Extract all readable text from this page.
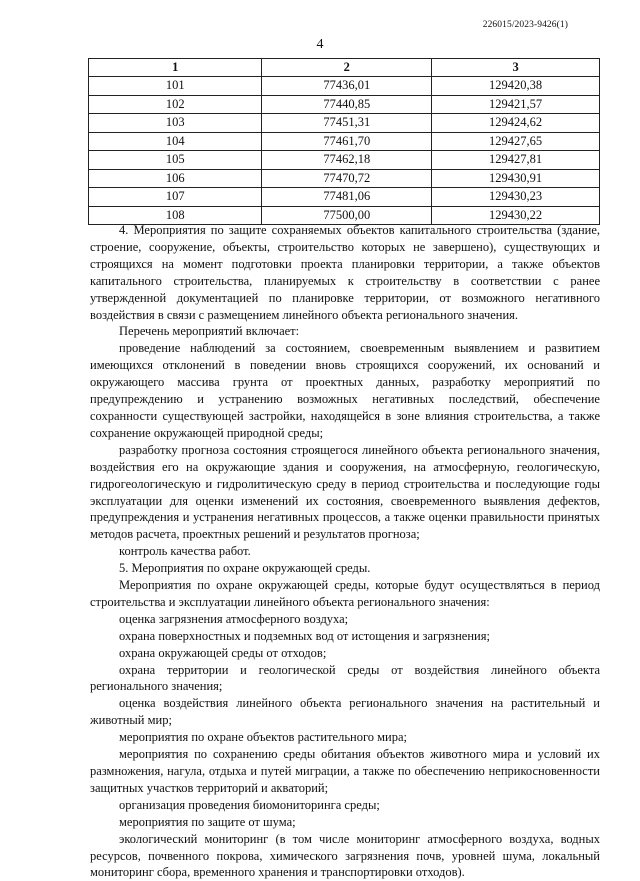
226015/2023-9426(1)
4
1	2	3
101	77436,01	129420,38
102	77440,85	129421,57
103	77451,31	129424,62
104	77461,70	129427,65
105	77462,18	129427,81
106	77470,72	129430,91
107	77481,06	129430,23
108	77500,00	129430,22

4. Мероприятия по защите сохраняемых объектов капитального строительства (здание, строение, сооружение, объекты, строительство которых не завершено), существующих и строящихся на момент подготовки проекта планировки территории, а также объектов капитального строительства, планируемых к строительству в соответствии с ранее утвержденной документацией по планировке территории, от возможного негативного воздействия в связи с размещением линейного объекта регионального значения.

Перечень мероприятий включает:

проведение наблюдений за состоянием, своевременным выявлением и развитием имеющихся отклонений в поведении вновь строящихся сооружений, их оснований и окружающего массива грунта от проектных данных, разработку мероприятий по предупреждению и устранению возможных негативных последствий, обеспечение сохранности существующей застройки, находящейся в зоне влияния строительства, а также сохранение окружающей природной среды;

разработку прогноза состояния строящегося линейного объекта регионального значения, воздействия его на окружающие здания и сооружения, на атмосферную, геологическую, гидрогеологическую и гидролитическую среду в период строительства и последующие годы эксплуатации для оценки изменений их состояния, своевременного выявления дефектов, предупреждения и устранения негативных процессов, а также оценки правильности принятых методов расчета, проектных решений и результатов прогноза;

контроль качества работ.

5. Мероприятия по охране окружающей среды.

Мероприятия по охране окружающей среды, которые будут осуществляться в период строительства и эксплуатации линейного объекта регионального значения:

оценка загрязнения атмосферного воздуха;

охрана поверхностных и подземных вод от истощения и загрязнения;

охрана окружающей среды от отходов;

охрана территории и геологической среды от воздействия линейного объекта регионального значения;

оценка воздействия линейного объекта регионального значения на растительный и животный мир;

мероприятия по охране объектов растительного мира;

мероприятия по сохранению среды обитания объектов животного мира и условий их размножения, нагула, отдыха и путей миграции, а также по обеспечению неприкосновенности защитных участков территорий и акваторий;

организация проведения биомониторинга среды;

мероприятия по защите от шума;

экологический мониторинг (в том числе мониторинг атмосферного воздуха, водных ресурсов, почвенного покрова, химического загрязнения почв, уровней шума, локальный мониторинг сбора, временного хранения и транспортировки отходов).
